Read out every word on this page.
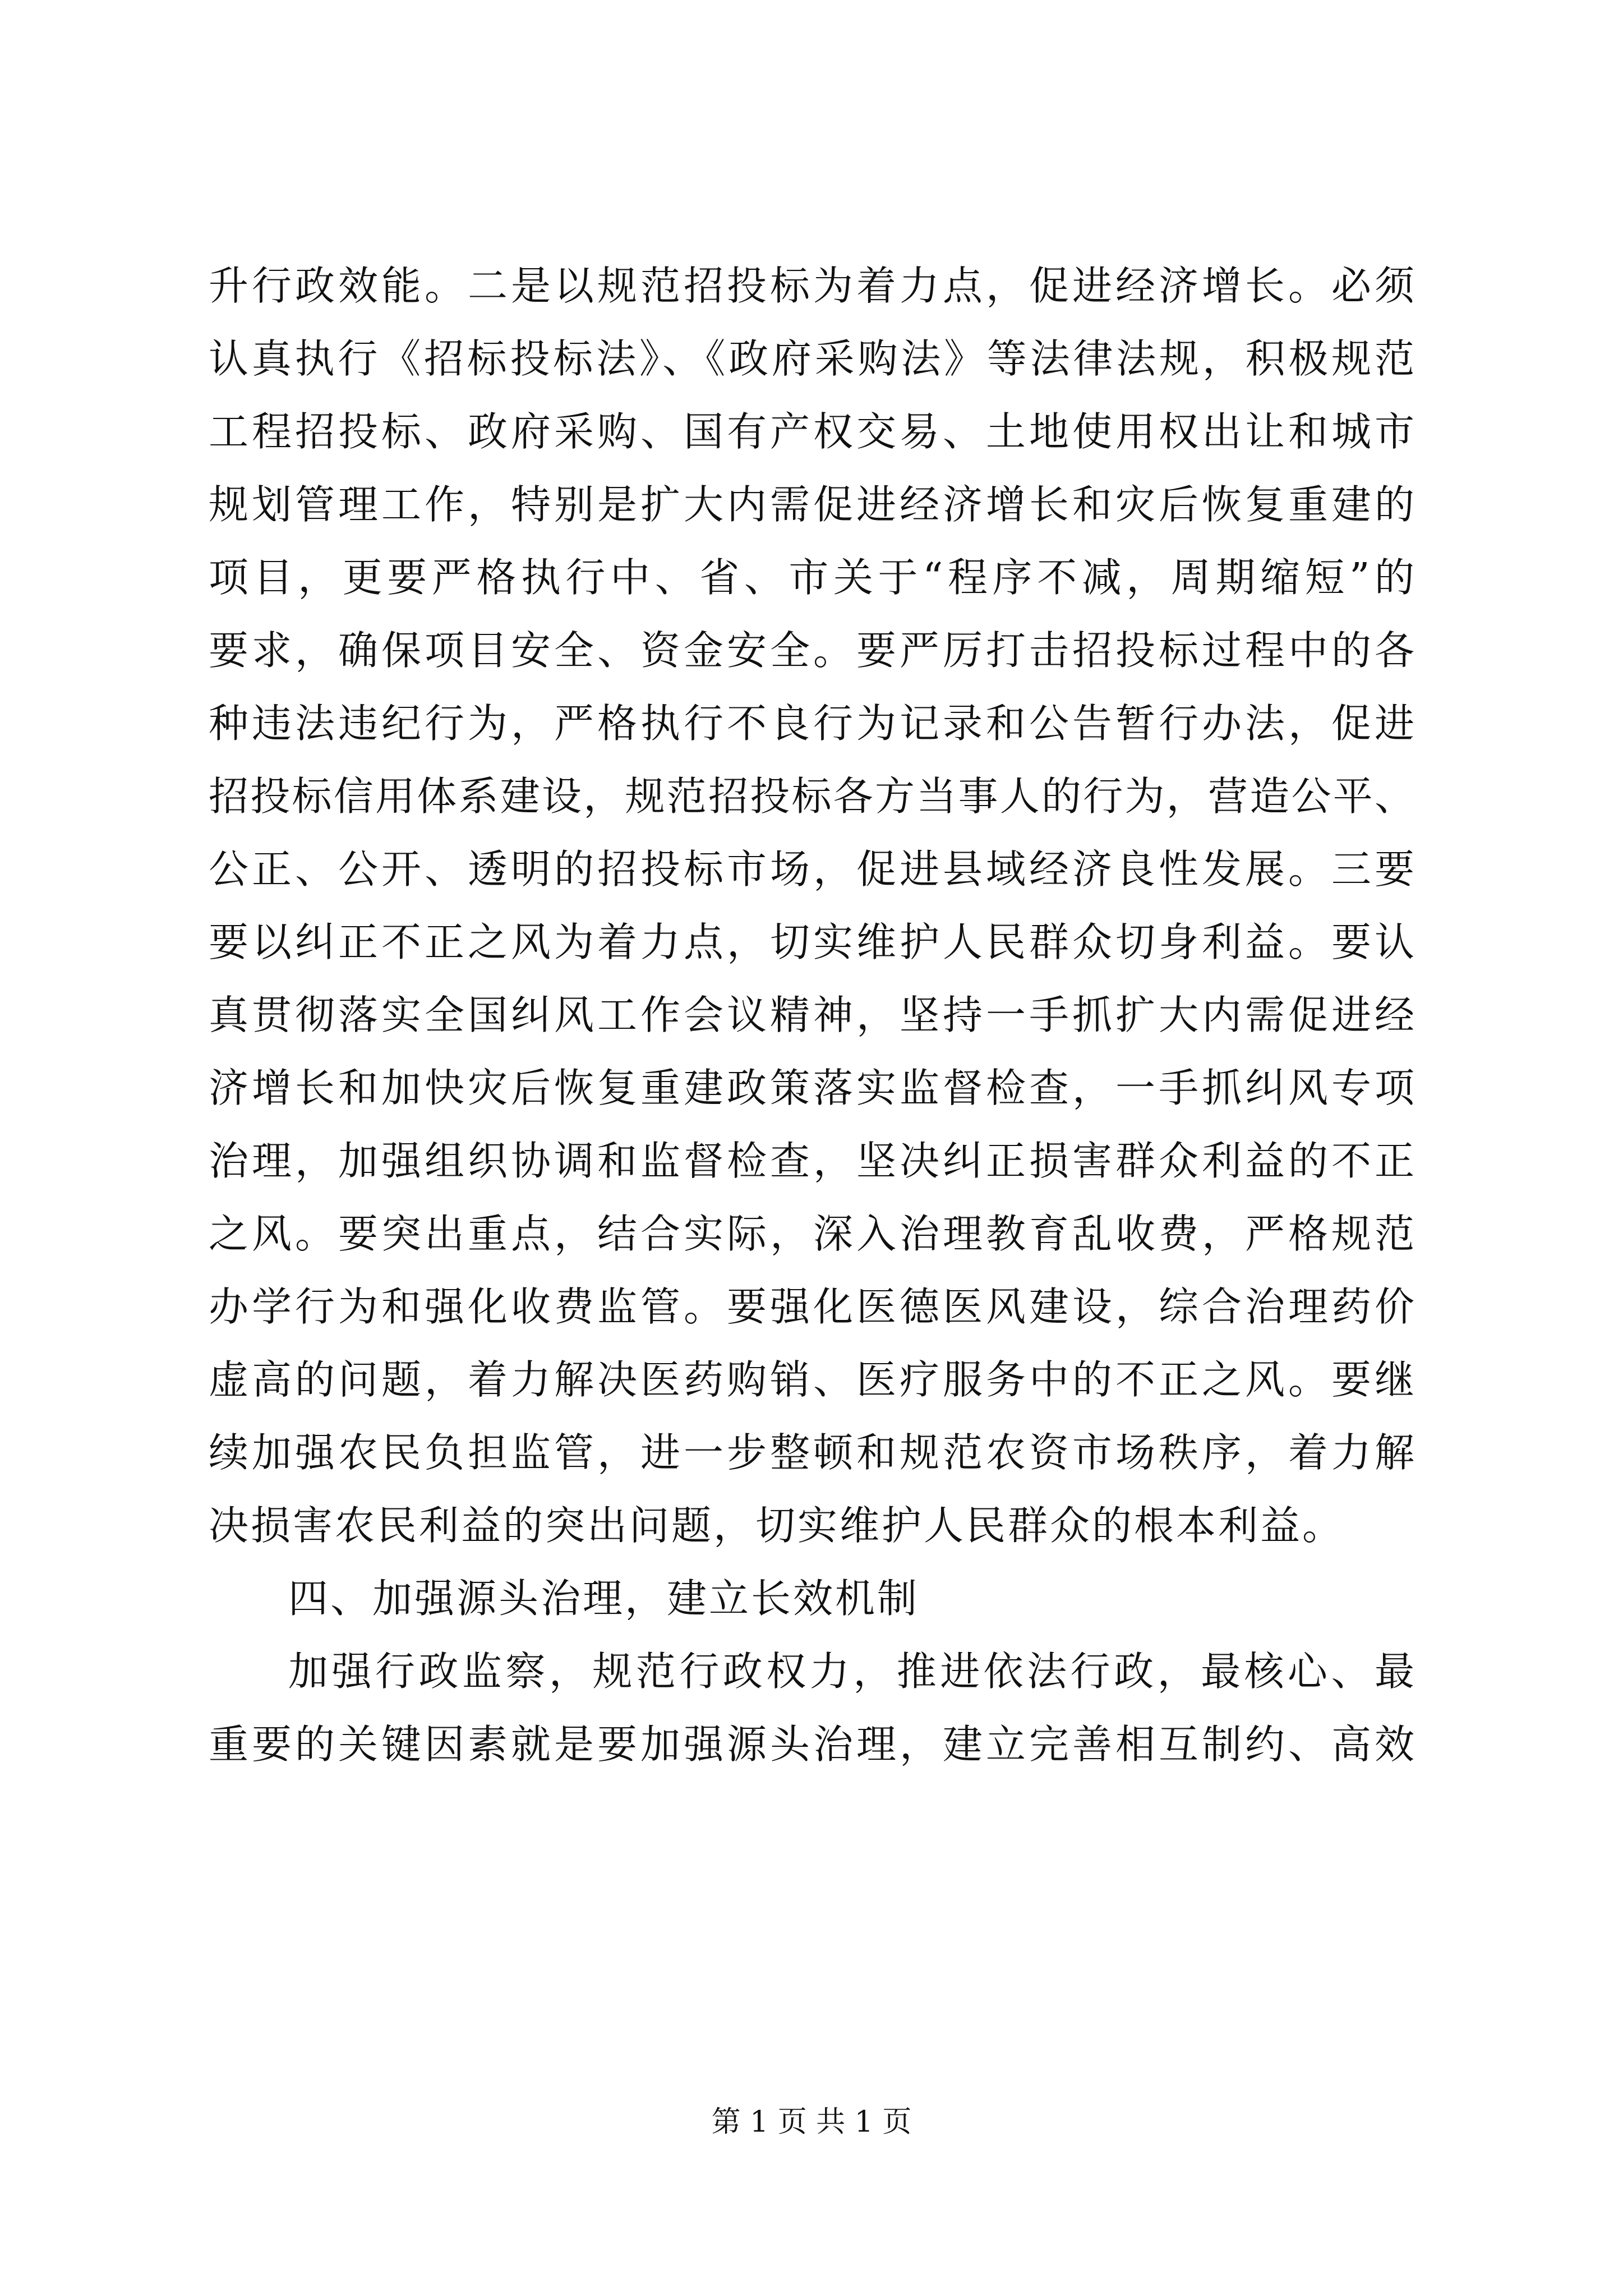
升行政效能。二是以规范招投标为着力点，促进经济增长。必须
认真执行《招标投标法》、《政府采购法》等法律法规，积极规范
工程招投标、政府采购、国有产权交易、土地使用权出让和城市
规划管理工作，特别是扩大内需促进经济增长和灾后恢复重建的
项目，更要严格执行中、省、市关于“程序不减，周期缩短”的
要求，确保项目安全、资金安全。要严厉打击招投标过程中的各
种违法违纪行为，严格执行不良行为记录和公告暂行办法，促进
招投标信用体系建设，规范招投标各方当事人的行为，营造公平、
公正、公开、透明的招投标市场，促进县域经济良性发展。三要
要以纠正不正之风为着力点，切实维护人民群众切身利益。要认
真贯彻落实全国纠风工作会议精神，坚持一手抓扩大内需促进经
济增长和加快灾后恢复重建政策落实监督检查，一手抓纠风专项
治理，加强组织协调和监督检查，坚决纠正损害群众利益的不正
之风。要突出重点，结合实际，深入治理教育乱收费，严格规范
办学行为和强化收费监管。要强化医德医风建设，综合治理药价
虚高的问题，着力解决医药购销、医疗服务中的不正之风。要继
续加强农民负担监管，进一步整顿和规范农资市场秩序，着力解
决损害农民利益的突出问题，切实维护人民群众的根本利益。
四、加强源头治理，建立长效机制
加强行政监察，规范行政权力，推进依法行政，最核心、最
重要的关键因素就是要加强源头治理，建立完善相互制约、高效
第 1 页 共 1 页
